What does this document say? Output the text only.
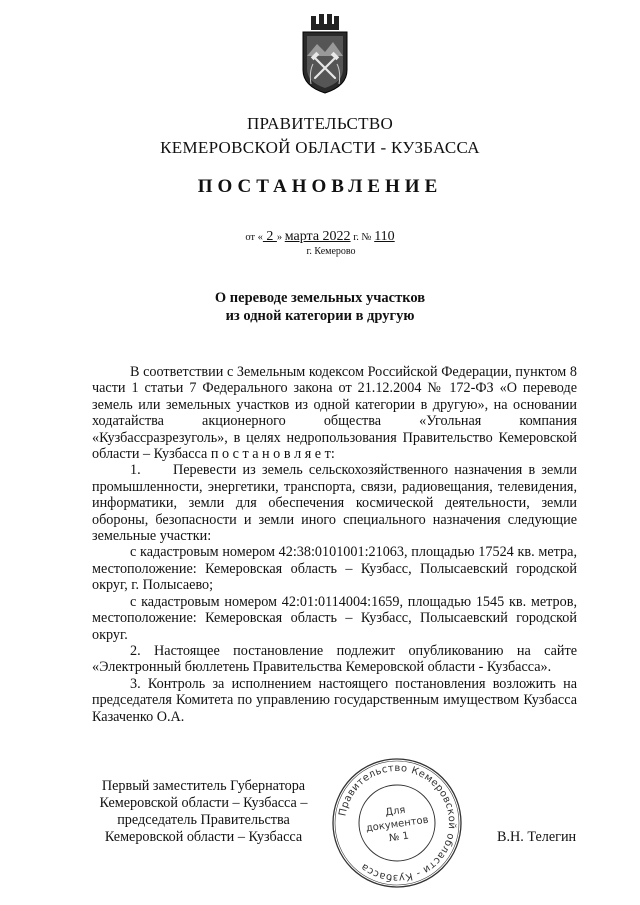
ПРАВИТЕЛЬСТВО
КЕМЕРОВСКОЙ ОБЛАСТИ - КУЗБАССА
ПОСТАНОВЛЕНИЕ
от « 2 » марта 2022 г. № 110
г. Кемерово
О переводе земельных участков
из одной категории в другую

В соответствии с Земельным кодексом Российской Федерации, пунктом 8 части 1 статьи 7 Федерального закона от 21.12.2004 № 172-ФЗ «О переводе земель или земельных участков из одной категории в другую», на основании ходатайства акционерного общества «Угольная компания «Кузбассразрезуголь», в целях недропользования Правительство Кемеровской области – Кузбасса п о с т а н о в л я е т:

1. Перевести из земель сельскохозяйственного назначения в земли промышленности, энергетики, транспорта, связи, радиовещания, телевидения, информатики, земли для обеспечения космической деятельности, земли обороны, безопасности и земли иного специального назначения следующие земельные участки:

с кадастровым номером 42:38:0101001:21063, площадью 17524 кв. метра, местоположение: Кемеровская область – Кузбасс, Полысаевский городской округ, г. Полысаево;

с кадастровым номером 42:01:0114004:1659, площадью 1545 кв. метров, местоположение: Кемеровская область – Кузбасс, Полысаевский городской округ.

2. Настоящее постановление подлежит опубликованию на сайте «Электронный бюллетень Правительства Кемеровской области - Кузбасса».

3. Контроль за исполнением настоящего постановления возложить на председателя Комитета по управлению государственным имуществом Кузбасса Казаченко О.А.

Первый заместитель Губернатора
Кемеровской области – Кузбасса –
председатель Правительства
Кемеровской области – Кузбасса	В.Н. Телегин
Правительство Кемеровской области - Кузбасса
Для
документов
№ 1
